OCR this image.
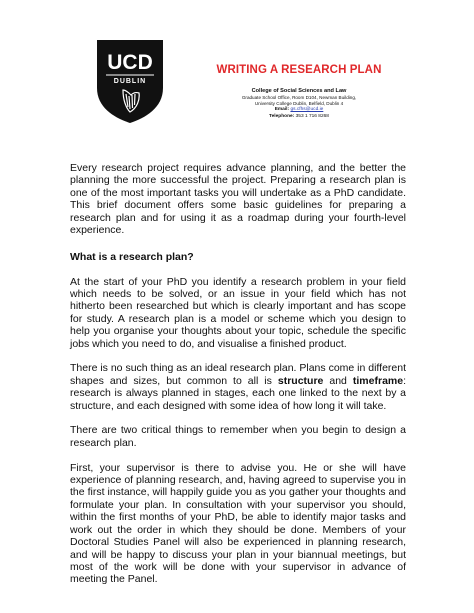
UCD
DUBLIN
WRITING A RESEARCH PLAN

College of Social Sciences and Law

Graduate School Office, Room D104, Newman Building,

University College Dublin, Belfield, Dublin 4

Email: gs.cfhs@ucd.ie

Telephone: 353 1 716 8268

Every research project requires advance planning, and the better the planning the more successful the project. Preparing a research plan is one of the most important tasks you will undertake as a PhD candidate. This brief document offers some basic guidelines for preparing a research plan and for using it as a roadmap during your fourth-level experience.

What is a research plan?

At the start of your PhD you identify a research problem in your field which needs to be solved, or an issue in your field which has not hitherto been researched but which is clearly important and has scope for study. A research plan is a model or scheme which you design to help you organise your thoughts about your topic, schedule the specific jobs which you need to do, and visualise a finished product.

There is no such thing as an ideal research plan. Plans come in different shapes and sizes, but common to all is structure and timeframe: research is always planned in stages, each one linked to the next by a structure, and each designed with some idea of how long it will take.

There are two critical things to remember when you begin to design a research plan.

First, your supervisor is there to advise you. He or she will have experience of planning research, and, having agreed to supervise you in the first instance, will happily guide you as you gather your thoughts and formulate your plan. In consultation with your supervisor you should, within the first months of your PhD, be able to identify major tasks and work out the order in which they should be done. Members of your Doctoral Studies Panel will also be experienced in planning research, and will be happy to discuss your plan in your biannual meetings, but most of the work will be done with your supervisor in advance of meeting the Panel.
